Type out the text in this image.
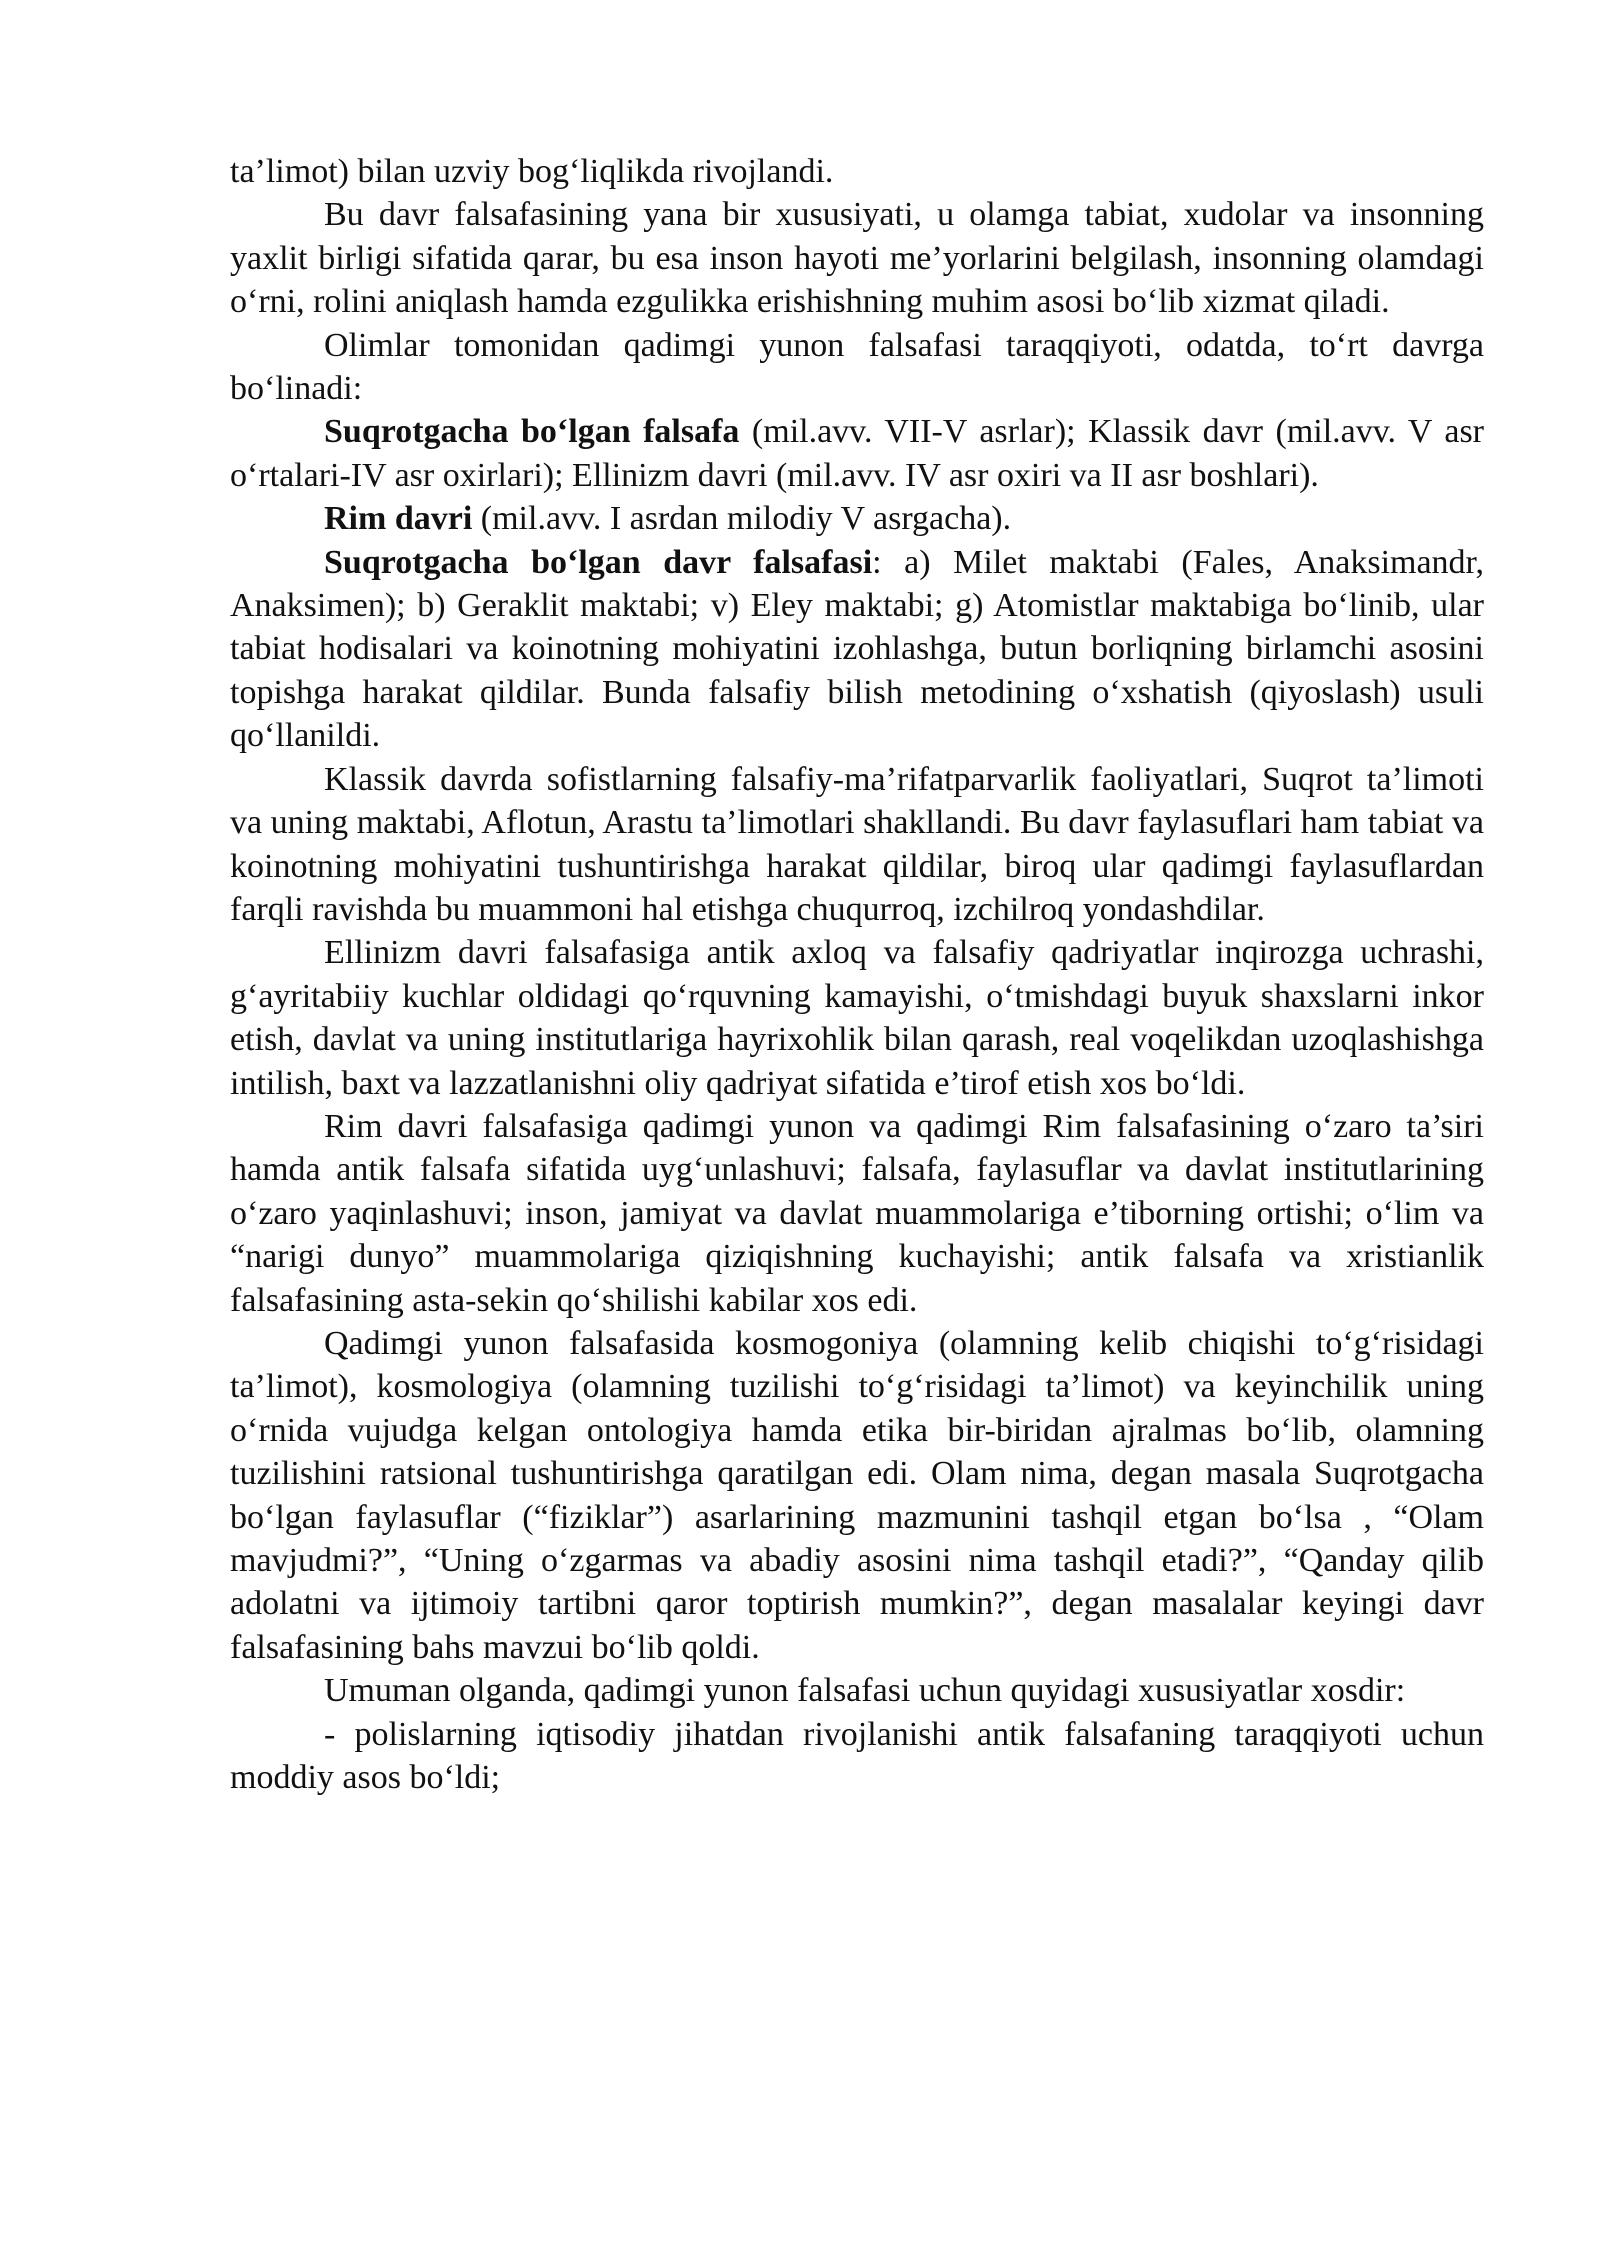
ta’limot) bilan uzviy bog‘liqlikda rivojlandi.

Bu davr falsafasining yana bir xususiyati, u olamga tabiat, xudolar va insonning yaxlit birligi sifatida qarar, bu esa inson hayoti me’yorlarini belgilash, insonning olamdagi o‘rni, rolini aniqlash hamda ezgulikka erishishning muhim asosi bo‘lib xizmat qiladi.

Olimlar tomonidan qadimgi yunon falsafasi taraqqiyoti, odatda, to‘rt davrga bo‘linadi:

Suqrotgacha bo‘lgan falsafa (mil.avv. VII-V asrlar); Klassik davr (mil.avv. V asr o‘rtalari-IV asr oxirlari); Ellinizm davri (mil.avv. IV asr oxiri va II asr boshlari).

Rim davri (mil.avv. I asrdan milodiy V asrgacha).

Suqrotgacha bo‘lgan davr falsafasi: a) Milet maktabi (Fales, Anaksimandr, Anaksimen); b) Geraklit maktabi; v) Eley maktabi; g) Atomistlar maktabiga bo‘linib, ular tabiat hodisalari va koinotning mohiyatini izohlashga, butun borliqning birlamchi asosini topishga harakat qildilar. Bunda falsafiy bilish metodining o‘xshatish (qiyoslash) usuli qo‘llanildi.

Klassik davrda sofistlarning falsafiy-ma’rifatparvarlik faoliyatlari, Suqrot ta’limoti va uning maktabi, Aflotun, Arastu ta’limotlari shakllandi. Bu davr faylasuflari ham tabiat va koinotning mohiyatini tushuntirishga harakat qildilar, biroq ular qadimgi faylasuflardan farqli ravishda bu muammoni hal etishga chuqurroq, izchilroq yondashdilar.

Ellinizm davri falsafasiga antik axloq va falsafiy qadriyatlar inqirozga uchrashi, g‘ayritabiiy kuchlar oldidagi qo‘rquvning kamayishi, o‘tmishdagi buyuk shaxslarni inkor etish, davlat va uning institutlariga hayrixohlik bilan qarash, real voqelikdan uzoqlashishga intilish, baxt va lazzatlanishni oliy qadriyat sifatida e’tirof etish xos bo‘ldi.

Rim davri falsafasiga qadimgi yunon va qadimgi Rim falsafasining o‘zaro ta’siri hamda antik falsafa sifatida uyg‘unlashuvi; falsafa, faylasuflar va davlat institutlarining o‘zaro yaqinlashuvi; inson, jamiyat va davlat muammolariga e’tiborning ortishi; o‘lim va “narigi dunyo” muammolariga qiziqishning kuchayishi; antik falsafa va xristianlik falsafasining asta-sekin qo‘shilishi kabilar xos edi.

Qadimgi yunon falsafasida kosmogoniya (olamning kelib chiqishi to‘g‘risidagi ta’limot), kosmologiya (olamning tuzilishi to‘g‘risidagi ta’limot) va keyinchilik uning o‘rnida vujudga kelgan ontologiya hamda etika bir-biridan ajralmas bo‘lib, olamning tuzilishini ratsional tushuntirishga qaratilgan edi. Olam nima, degan masala Suqrotgacha bo‘lgan faylasuflar (“fiziklar”) asarlarining mazmunini tashqil etgan bo‘lsa , “Olam mavjudmi?”, “Uning o‘zgarmas va abadiy asosini nima tashqil etadi?”, “Qanday qilib adolatni va ijtimoiy tartibni qaror toptirish mumkin?”, degan masalalar keyingi davr falsafasining bahs mavzui bo‘lib qoldi.

Umuman olganda, qadimgi yunon falsafasi uchun quyidagi xususiyatlar xosdir:

- polislarning iqtisodiy jihatdan rivojlanishi antik falsafaning taraqqiyoti uchun moddiy asos bo‘ldi;
